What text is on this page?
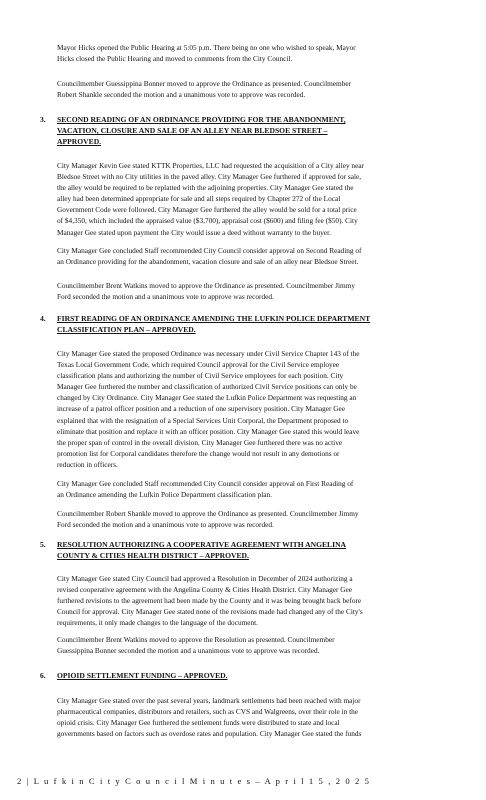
Mayor Hicks opened the Public Hearing at 5:05 p.m. There being no one who wished to speak, Mayor
Hicks closed the Public Hearing and moved to comments from the City Council.
Councilmember Guessippina Bonner moved to approve the Ordinance as presented. Councilmember
Robert Shankle seconded the motion and a unanimous vote to approve was recorded.
3. SECOND READING OF AN ORDINANCE PROVIDING FOR THE ABANDONMENT,
VACATION, CLOSURE AND SALE OF AN ALLEY NEAR BLEDSOE STREET –
APPROVED.
City Manager Kevin Gee stated KTTK Properties, LLC had requested the acquisition of a City alley near
Bledsoe Street with no City utilities in the paved alley. City Manager Gee furthered if approved for sale,
the alley would be required to be replatted with the adjoining properties. City Manager Gee stated the
alley had been determined appropriate for sale and all steps required by Chapter 272 of the Local
Government Code were followed. City Manager Gee furthered the alley would be sold for a total price
of $4,350, which included the appraised value ($3,700), appraisal cost ($600) and filing fee ($50). City
Manager Gee stated upon payment the City would issue a deed without warranty to the buyer.
City Manager Gee concluded Staff recommended City Council consider approval on Second Reading of
an Ordinance providing for the abandonment, vacation closure and sale of an alley near Bledsoe Street.
Councilmember Brent Watkins moved to approve the Ordinance as presented. Councilmember Jimmy
Ford seconded the motion and a unanimous vote to approve was recorded.
4. FIRST READING OF AN ORDINANCE AMENDING THE LUFKIN POLICE DEPARTMENT
CLASSIFICATION PLAN – APPROVED.
City Manager Gee stated the proposed Ordinance was necessary under Civil Service Chapter 143 of the
Texas Local Government Code, which required Council approval for the Civil Service employee
classification plans and authorizing the number of Civil Service employees for each position. City
Manager Gee furthered the number and classification of authorized Civil Service positions can only be
changed by City Ordinance. City Manager Gee stated the Lufkin Police Department was requesting an
increase of a patrol officer position and a reduction of one supervisory position. City Manager Gee
explained that with the resignation of a Special Services Unit Corporal, the Department proposed to
eliminate that position and replace it with an officer position. City Manager Gee stated this would leave
the proper span of control in the overall division. City Manager Gee furthered there was no active
promotion list for Corporal candidates therefore the change would not result in any demotions or
reduction in officers.
City Manager Gee concluded Staff recommended City Council consider approval on First Reading of
an Ordinance amending the Lufkin Police Department classification plan.
Councilmember Robert Shankle moved to approve the Ordinance as presented. Councilmember Jimmy
Ford seconded the motion and a unanimous vote to approve was recorded.
5. RESOLUTION AUTHORIZING A COOPERATIVE AGREEMENT WITH ANGELINA
COUNTY & CITIES HEALTH DISTRICT – APPROVED.
City Manager Gee stated City Council had approved a Resolution in December of 2024 authorizing a
revised cooperative agreement with the Angelina County & Cities Health District. City Manager Gee
furthered revisions to the agreement had been made by the County and it was being brought back before
Council for approval. City Manager Gee stated none of the revisions made had changed any of the City's
requirements, it only made changes to the language of the document.
Councilmember Brent Watkins moved to approve the Resolution as presented. Councilmember
Guessippina Bonner seconded the motion and a unanimous vote to approve was recorded.
6. OPIOID SETTLEMENT FUNDING – APPROVED.
City Manager Gee stated over the past several years, landmark settlements had been reached with major
pharmaceutical companies, distributors and retailers, such as CVS and Walgreens, over their role in the
opioid crisis. City Manager Gee furthered the settlement funds were distributed to state and local
governments based on factors such as overdose rates and population. City Manager Gee stated the funds
2 | L u f k i n C i t y C o u n c i l M i n u t e s – A p r i l 1 5 , 2 0 2 5
